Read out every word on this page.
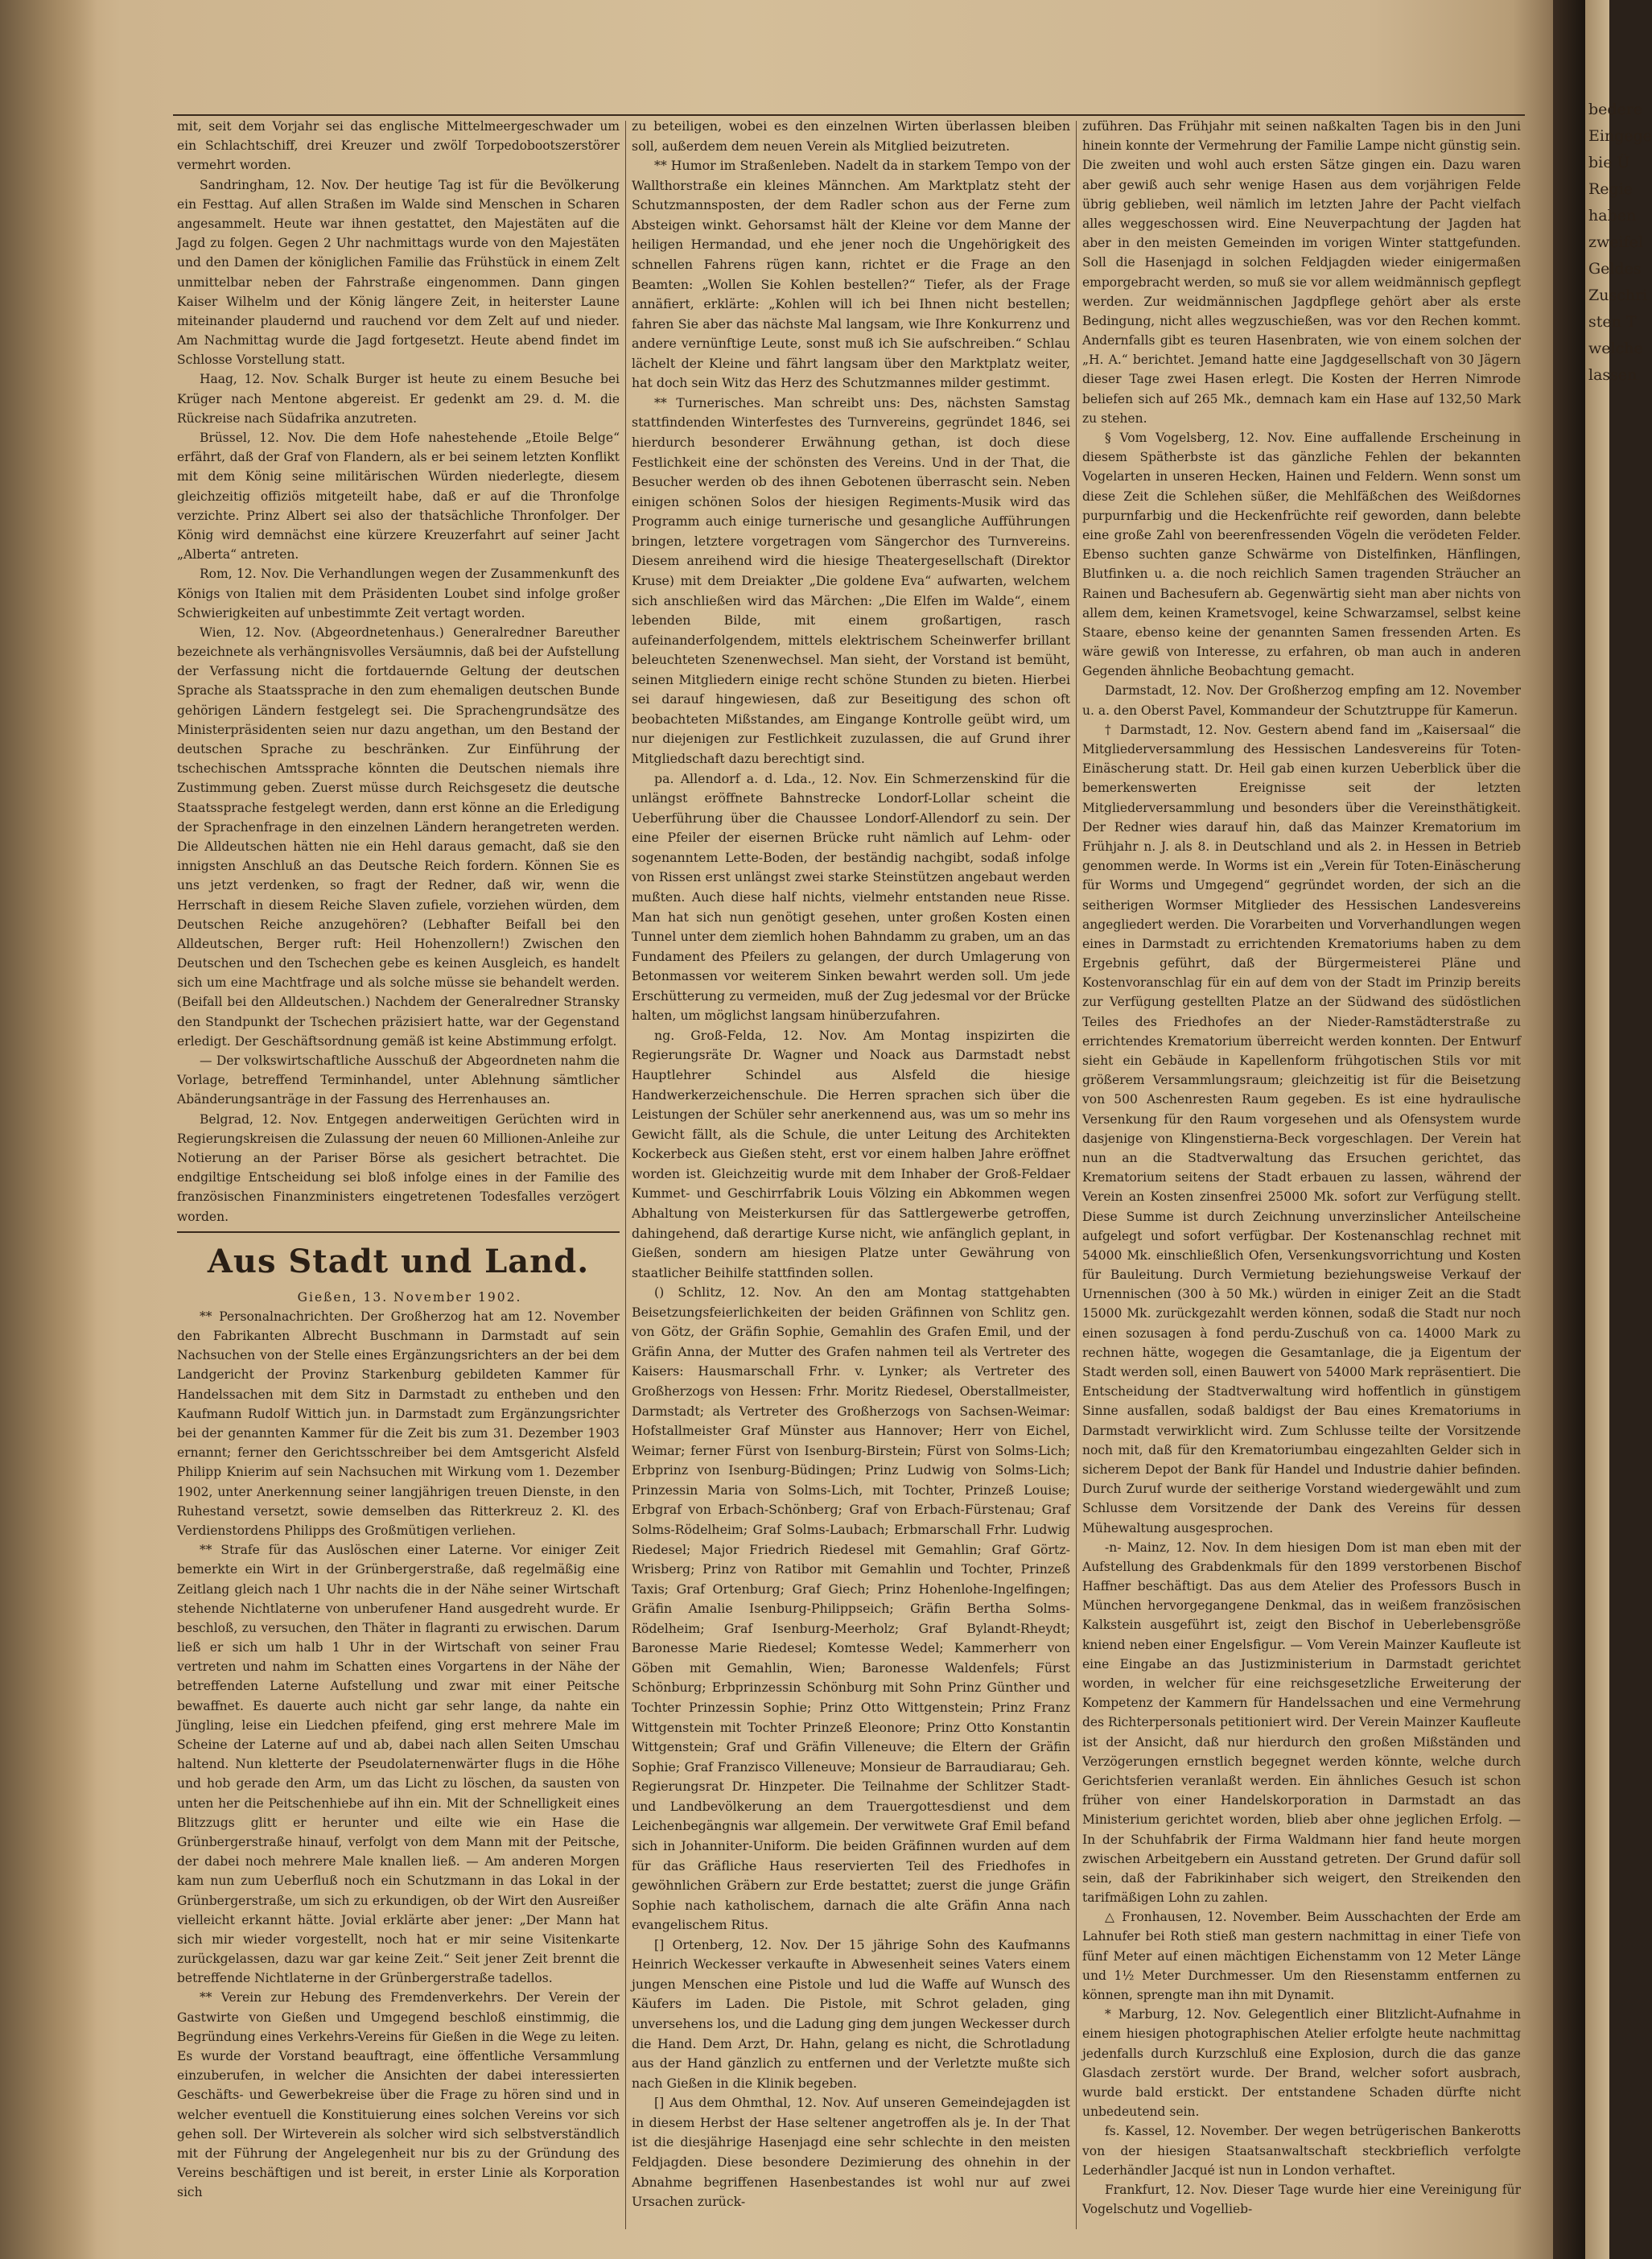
mit, seit dem Vorjahr sei das englische Mittelmeergeschwader um ein Schlachtschiff, drei Kreuzer und zwölf Torpedobootszerstörer vermehrt worden.

Sandringham, 12. Nov. Der heutige Tag ist für die Bevölkerung ein Festtag. Auf allen Straßen im Walde sind Menschen in Scharen angesammelt. Heute war ihnen gestattet, den Majestäten auf die Jagd zu folgen. Gegen 2 Uhr nachmittags wurde von den Majestäten und den Damen der königlichen Familie das Frühstück in einem Zelt unmittelbar neben der Fahrstraße eingenommen. Dann gingen Kaiser Wilhelm und der König längere Zeit, in heiterster Laune miteinander plaudernd und rauchend vor dem Zelt auf und nieder. Am Nachmittag wurde die Jagd fortgesetzt. Heute abend findet im Schlosse Vorstellung statt.

Haag, 12. Nov. Schalk Burger ist heute zu einem Besuche bei Krüger nach Mentone abgereist. Er gedenkt am 29. d. M. die Rückreise nach Südafrika anzutreten.

Brüssel, 12. Nov. Die dem Hofe nahestehende „Etoile Belge“ erfährt, daß der Graf von Flandern, als er bei seinem letzten Konflikt mit dem König seine militärischen Würden niederlegte, diesem gleichzeitig offiziös mitgeteilt habe, daß er auf die Thronfolge verzichte. Prinz Albert sei also der thatsächliche Thronfolger. Der König wird demnächst eine kürzere Kreuzerfahrt auf seiner Jacht „Alberta“ antreten.

Rom, 12. Nov. Die Verhandlungen wegen der Zusammenkunft des Königs von Italien mit dem Präsidenten Loubet sind infolge großer Schwierigkeiten auf unbestimmte Zeit vertagt worden.

Wien, 12. Nov. (Abgeordnetenhaus.) Generalredner Bareuther bezeichnete als verhängnisvolles Versäumnis, daß bei der Aufstellung der Verfassung nicht die fortdauernde Geltung der deutschen Sprache als Staatssprache in den zum ehemaligen deutschen Bunde gehörigen Ländern festgelegt sei. Die Sprachengrundsätze des Ministerpräsidenten seien nur dazu angethan, um den Bestand der deutschen Sprache zu beschränken. Zur Einführung der tschechischen Amtssprache könnten die Deutschen niemals ihre Zustimmung geben. Zuerst müsse durch Reichsgesetz die deutsche Staatssprache festgelegt werden, dann erst könne an die Erledigung der Sprachenfrage in den einzelnen Ländern herangetreten werden. Die Alldeutschen hätten nie ein Hehl daraus gemacht, daß sie den innigsten Anschluß an das Deutsche Reich fordern. Können Sie es uns jetzt verdenken, so fragt der Redner, daß wir, wenn die Herrschaft in diesem Reiche Slaven zufiele, vorziehen würden, dem Deutschen Reiche anzugehören? (Lebhafter Beifall bei den Alldeutschen, Berger ruft: Heil Hohenzollern!) Zwischen den Deutschen und den Tschechen gebe es keinen Ausgleich, es handelt sich um eine Machtfrage und als solche müsse sie behandelt werden. (Beifall bei den Alldeutschen.) Nachdem der Generalredner Stransky den Standpunkt der Tschechen präzisiert hatte, war der Gegenstand erledigt. Der Geschäftsordnung gemäß ist keine Abstimmung erfolgt.

— Der volkswirtschaftliche Ausschuß der Abgeordneten nahm die Vorlage, betreffend Terminhandel, unter Ablehnung sämtlicher Abänderungsanträge in der Fassung des Herrenhauses an.

Belgrad, 12. Nov. Entgegen anderweitigen Gerüchten wird in Regierungskreisen die Zulassung der neuen 60 Millionen-Anleihe zur Notierung an der Pariser Börse als gesichert betrachtet. Die endgiltige Entscheidung sei bloß infolge eines in der Familie des französischen Finanzministers eingetretenen Todesfalles verzögert worden.

Aus Stadt und Land.

Gießen, 13. November 1902.

** Personalnachrichten. Der Großherzog hat am 12. November den Fabrikanten Albrecht Buschmann in Darmstadt auf sein Nachsuchen von der Stelle eines Ergänzungsrichters an der bei dem Landgericht der Provinz Starkenburg gebildeten Kammer für Handelssachen mit dem Sitz in Darmstadt zu entheben und den Kaufmann Rudolf Wittich jun. in Darmstadt zum Ergänzungsrichter bei der genannten Kammer für die Zeit bis zum 31. Dezember 1903 ernannt; ferner den Gerichtsschreiber bei dem Amtsgericht Alsfeld Philipp Knierim auf sein Nachsuchen mit Wirkung vom 1. Dezember 1902, unter Anerkennung seiner langjährigen treuen Dienste, in den Ruhestand versetzt, sowie demselben das Ritterkreuz 2. Kl. des Verdienstordens Philipps des Großmütigen verliehen.

** Strafe für das Auslöschen einer Laterne. Vor einiger Zeit bemerkte ein Wirt in der Grünbergerstraße, daß regelmäßig eine Zeitlang gleich nach 1 Uhr nachts die in der Nähe seiner Wirtschaft stehende Nichtlaterne von unberufener Hand ausgedreht wurde. Er beschloß, zu versuchen, den Thäter in flagranti zu erwischen. Darum ließ er sich um halb 1 Uhr in der Wirtschaft von seiner Frau vertreten und nahm im Schatten eines Vorgartens in der Nähe der betreffenden Laterne Aufstellung und zwar mit einer Peitsche bewaffnet. Es dauerte auch nicht gar sehr lange, da nahte ein Jüngling, leise ein Liedchen pfeifend, ging erst mehrere Male im Scheine der Laterne auf und ab, dabei nach allen Seiten Umschau haltend. Nun kletterte der Pseudolaternenwärter flugs in die Höhe und hob gerade den Arm, um das Licht zu löschen, da sausten von unten her die Peitschenhiebe auf ihn ein. Mit der Schnelligkeit eines Blitzzugs glitt er herunter und eilte wie ein Hase die Grünbergerstraße hinauf, verfolgt von dem Mann mit der Peitsche, der dabei noch mehrere Male knallen ließ. — Am anderen Morgen kam nun zum Ueberfluß noch ein Schutzmann in das Lokal in der Grünbergerstraße, um sich zu erkundigen, ob der Wirt den Ausreißer vielleicht erkannt hätte. Jovial erklärte aber jener: „Der Mann hat sich mir wieder vorgestellt, noch hat er mir seine Visitenkarte zurückgelassen, dazu war gar keine Zeit.“ Seit jener Zeit brennt die betreffende Nichtlaterne in der Grünbergerstraße tadellos.

** Verein zur Hebung des Fremdenverkehrs. Der Verein der Gastwirte von Gießen und Umgegend beschloß einstimmig, die Begründung eines Verkehrs-Vereins für Gießen in die Wege zu leiten. Es wurde der Vorstand beauftragt, eine öffentliche Versammlung einzuberufen, in welcher die Ansichten der dabei interessierten Geschäfts- und Gewerbekreise über die Frage zu hören sind und in welcher eventuell die Konstituierung eines solchen Vereins vor sich gehen soll. Der Wirteverein als solcher wird sich selbstverständlich mit der Führung der Angelegenheit nur bis zu der Gründung des Vereins beschäftigen und ist bereit, in erster Linie als Korporation sich

zu beteiligen, wobei es den einzelnen Wirten überlassen bleiben soll, außerdem dem neuen Verein als Mitglied beizutreten.

** Humor im Straßenleben. Nadelt da in starkem Tempo von der Wallthorstraße ein kleines Männchen. Am Marktplatz steht der Schutzmannsposten, der dem Radler schon aus der Ferne zum Absteigen winkt. Gehorsamst hält der Kleine vor dem Manne der heiligen Hermandad, und ehe jener noch die Ungehörigkeit des schnellen Fahrens rügen kann, richtet er die Frage an den Beamten: „Wollen Sie Kohlen bestellen?“ Tiefer, als der Frage annäfiert, erklärte: „Kohlen will ich bei Ihnen nicht bestellen; fahren Sie aber das nächste Mal langsam, wie Ihre Konkurrenz und andere vernünftige Leute, sonst muß ich Sie aufschreiben.“ Schlau lächelt der Kleine und fährt langsam über den Marktplatz weiter, hat doch sein Witz das Herz des Schutzmannes milder gestimmt.

** Turnerisches. Man schreibt uns: Des, nächsten Samstag stattfindenden Winterfestes des Turnvereins, gegründet 1846, sei hierdurch besonderer Erwähnung gethan, ist doch diese Festlichkeit eine der schönsten des Vereins. Und in der That, die Besucher werden ob des ihnen Gebotenen überrascht sein. Neben einigen schönen Solos der hiesigen Regiments-Musik wird das Programm auch einige turnerische und gesangliche Aufführungen bringen, letztere vorgetragen vom Sängerchor des Turnvereins. Diesem anreihend wird die hiesige Theatergesellschaft (Direktor Kruse) mit dem Dreiakter „Die goldene Eva“ aufwarten, welchem sich anschließen wird das Märchen: „Die Elfen im Walde“, einem lebenden Bilde, mit einem großartigen, rasch aufeinanderfolgendem, mittels elektrischem Scheinwerfer brillant beleuchteten Szenenwechsel. Man sieht, der Vorstand ist bemüht, seinen Mitgliedern einige recht schöne Stunden zu bieten. Hierbei sei darauf hingewiesen, daß zur Beseitigung des schon oft beobachteten Mißstandes, am Eingange Kontrolle geübt wird, um nur diejenigen zur Festlichkeit zuzulassen, die auf Grund ihrer Mitgliedschaft dazu berechtigt sind.

pa. Allendorf a. d. Lda., 12. Nov. Ein Schmerzenskind für die unlängst eröffnete Bahnstrecke Londorf-Lollar scheint die Ueberführung über die Chaussee Londorf-Allendorf zu sein. Der eine Pfeiler der eisernen Brücke ruht nämlich auf Lehm- oder sogenanntem Lette-Boden, der beständig nachgibt, sodaß infolge von Rissen erst unlängst zwei starke Steinstützen angebaut werden mußten. Auch diese half nichts, vielmehr entstanden neue Risse. Man hat sich nun genötigt gesehen, unter großen Kosten einen Tunnel unter dem ziemlich hohen Bahndamm zu graben, um an das Fundament des Pfeilers zu gelangen, der durch Umlagerung von Betonmassen vor weiterem Sinken bewahrt werden soll. Um jede Erschütterung zu vermeiden, muß der Zug jedesmal vor der Brücke halten, um möglichst langsam hinüberzufahren.

ng. Groß-Felda, 12. Nov. Am Montag inspizirten die Regierungsräte Dr. Wagner und Noack aus Darmstadt nebst Hauptlehrer Schindel aus Alsfeld die hiesige Handwerkerzeichenschule. Die Herren sprachen sich über die Leistungen der Schüler sehr anerkennend aus, was um so mehr ins Gewicht fällt, als die Schule, die unter Leitung des Architekten Kockerbeck aus Gießen steht, erst vor einem halben Jahre eröffnet worden ist. Gleichzeitig wurde mit dem Inhaber der Groß-Feldaer Kummet- und Geschirrfabrik Louis Völzing ein Abkommen wegen Abhaltung von Meisterkursen für das Sattlergewerbe getroffen, dahingehend, daß derartige Kurse nicht, wie anfänglich geplant, in Gießen, sondern am hiesigen Platze unter Gewährung von staatlicher Beihilfe stattfinden sollen.

() Schlitz, 12. Nov. An den am Montag stattgehabten Beisetzungsfeierlichkeiten der beiden Gräfinnen von Schlitz gen. von Götz, der Gräfin Sophie, Gemahlin des Grafen Emil, und der Gräfin Anna, der Mutter des Grafen nahmen teil als Vertreter des Kaisers: Hausmarschall Frhr. v. Lynker; als Vertreter des Großherzogs von Hessen: Frhr. Moritz Riedesel, Oberstallmeister, Darmstadt; als Vertreter des Großherzogs von Sachsen-Weimar: Hofstallmeister Graf Münster aus Hannover; Herr von Eichel, Weimar; ferner Fürst von Isenburg-Birstein; Fürst von Solms-Lich; Erbprinz von Isenburg-Büdingen; Prinz Ludwig von Solms-Lich; Prinzessin Maria von Solms-Lich, mit Tochter, Prinzeß Louise; Erbgraf von Erbach-Schönberg; Graf von Erbach-Fürstenau; Graf Solms-Rödelheim; Graf Solms-Laubach; Erbmarschall Frhr. Ludwig Riedesel; Major Friedrich Riedesel mit Gemahlin; Graf Görtz-Wrisberg; Prinz von Ratibor mit Gemahlin und Tochter, Prinzeß Taxis; Graf Ortenburg; Graf Giech; Prinz Hohenlohe-Ingelfingen; Gräfin Amalie Isenburg-Philippseich; Gräfin Bertha Solms-Rödelheim; Graf Isenburg-Meerholz; Graf Bylandt-Rheydt; Baronesse Marie Riedesel; Komtesse Wedel; Kammerherr von Göben mit Gemahlin, Wien; Baronesse Waldenfels; Fürst Schönburg; Erbprinzessin Schönburg mit Sohn Prinz Günther und Tochter Prinzessin Sophie; Prinz Otto Wittgenstein; Prinz Franz Wittgenstein mit Tochter Prinzeß Eleonore; Prinz Otto Konstantin Wittgenstein; Graf und Gräfin Villeneuve; die Eltern der Gräfin Sophie; Graf Franzisco Villeneuve; Monsieur de Barraudiarau; Geh. Regierungsrat Dr. Hinzpeter. Die Teilnahme der Schlitzer Stadt- und Landbevölkerung an dem Trauergottesdienst und dem Leichenbegängnis war allgemein. Der verwitwete Graf Emil befand sich in Johanniter-Uniform. Die beiden Gräfinnen wurden auf dem für das Gräfliche Haus reservierten Teil des Friedhofes in gewöhnlichen Gräbern zur Erde bestattet; zuerst die junge Gräfin Sophie nach katholischem, darnach die alte Gräfin Anna nach evangelischem Ritus.

[] Ortenberg, 12. Nov. Der 15 jährige Sohn des Kaufmanns Heinrich Weckesser verkaufte in Abwesenheit seines Vaters einem jungen Menschen eine Pistole und lud die Waffe auf Wunsch des Käufers im Laden. Die Pistole, mit Schrot geladen, ging unversehens los, und die Ladung ging dem jungen Weckesser durch die Hand. Dem Arzt, Dr. Hahn, gelang es nicht, die Schrotladung aus der Hand gänzlich zu entfernen und der Verletzte mußte sich nach Gießen in die Klinik begeben.

[] Aus dem Ohmthal, 12. Nov. Auf unseren Gemeindejagden ist in diesem Herbst der Hase seltener angetroffen als je. In der That ist die diesjährige Hasenjagd eine sehr schlechte in den meisten Feldjagden. Diese besondere Dezimierung des ohnehin in der Abnahme begriffenen Hasenbestandes ist wohl nur auf zwei Ursachen zurück-

zuführen. Das Frühjahr mit seinen naßkalten Tagen bis in den Juni hinein konnte der Vermehrung der Familie Lampe nicht günstig sein. Die zweiten und wohl auch ersten Sätze gingen ein. Dazu waren aber gewiß auch sehr wenige Hasen aus dem vorjährigen Felde übrig geblieben, weil nämlich im letzten Jahre der Pacht vielfach alles weggeschossen wird. Eine Neuverpachtung der Jagden hat aber in den meisten Gemeinden im vorigen Winter stattgefunden. Soll die Hasenjagd in solchen Feldjagden wieder einigermaßen emporgebracht werden, so muß sie vor allem weidmännisch gepflegt werden. Zur weidmännischen Jagdpflege gehört aber als erste Bedingung, nicht alles wegzuschießen, was vor den Rechen kommt. Andernfalls gibt es teuren Hasenbraten, wie von einem solchen der „H. A.“ berichtet. Jemand hatte eine Jagdgesellschaft von 30 Jägern dieser Tage zwei Hasen erlegt. Die Kosten der Herren Nimrode beliefen sich auf 265 Mk., demnach kam ein Hase auf 132,50 Mark zu stehen.

§ Vom Vogelsberg, 12. Nov. Eine auffallende Erscheinung in diesem Spätherbste ist das gänzliche Fehlen der bekannten Vogelarten in unseren Hecken, Hainen und Feldern. Wenn sonst um diese Zeit die Schlehen süßer, die Mehlfäßchen des Weißdornes purpurnfarbig und die Heckenfrüchte reif geworden, dann belebte eine große Zahl von beerenfressenden Vögeln die verödeten Felder. Ebenso suchten ganze Schwärme von Distelfinken, Hänflingen, Blutfinken u. a. die noch reichlich Samen tragenden Sträucher an Rainen und Bachesufern ab. Gegenwärtig sieht man aber nichts von allem dem, keinen Krametsvogel, keine Schwarzamsel, selbst keine Staare, ebenso keine der genannten Samen fressenden Arten. Es wäre gewiß von Interesse, zu erfahren, ob man auch in anderen Gegenden ähnliche Beobachtung gemacht.

Darmstadt, 12. Nov. Der Großherzog empfing am 12. November u. a. den Oberst Pavel, Kommandeur der Schutztruppe für Kamerun.

† Darmstadt, 12. Nov. Gestern abend fand im „Kaisersaal“ die Mitgliederversammlung des Hessischen Landesvereins für Toten-Einäscherung statt. Dr. Heil gab einen kurzen Ueberblick über die bemerkenswerten Ereignisse seit der letzten Mitgliederversammlung und besonders über die Vereinsthätigkeit. Der Redner wies darauf hin, daß das Mainzer Krematorium im Frühjahr n. J. als 8. in Deutschland und als 2. in Hessen in Betrieb genommen werde. In Worms ist ein „Verein für Toten-Einäscherung für Worms und Umgegend“ gegründet worden, der sich an die seitherigen Wormser Mitglieder des Hessischen Landesvereins angegliedert werden. Die Vorarbeiten und Vorverhandlungen wegen eines in Darmstadt zu errichtenden Krematoriums haben zu dem Ergebnis geführt, daß der Bürgermeisterei Pläne und Kostenvoranschlag für ein auf dem von der Stadt im Prinzip bereits zur Verfügung gestellten Platze an der Südwand des südöstlichen Teiles des Friedhofes an der Nieder-Ramstädterstraße zu errichtendes Krematorium überreicht werden konnten. Der Entwurf sieht ein Gebäude in Kapellenform frühgotischen Stils vor mit größerem Versammlungsraum; gleichzeitig ist für die Beisetzung von 500 Aschenresten Raum gegeben. Es ist eine hydraulische Versenkung für den Raum vorgesehen und als Ofensystem wurde dasjenige von Klingenstierna-Beck vorgeschlagen. Der Verein hat nun an die Stadtverwaltung das Ersuchen gerichtet, das Krematorium seitens der Stadt erbauen zu lassen, während der Verein an Kosten zinsenfrei 25000 Mk. sofort zur Verfügung stellt. Diese Summe ist durch Zeichnung unverzinslicher Anteilscheine aufgelegt und sofort verfügbar. Der Kostenanschlag rechnet mit 54000 Mk. einschließlich Ofen, Versenkungsvorrichtung und Kosten für Bauleitung. Durch Vermietung beziehungsweise Verkauf der Urnennischen (300 à 50 Mk.) würden in einiger Zeit an die Stadt 15000 Mk. zurückgezahlt werden können, sodaß die Stadt nur noch einen sozusagen à fond perdu-Zuschuß von ca. 14000 Mark zu rechnen hätte, wogegen die Gesamtanlage, die ja Eigentum der Stadt werden soll, einen Bauwert von 54000 Mark repräsentiert. Die Entscheidung der Stadtverwaltung wird hoffentlich in günstigem Sinne ausfallen, sodaß baldigst der Bau eines Krematoriums in Darmstadt verwirklicht wird. Zum Schlusse teilte der Vorsitzende noch mit, daß für den Krematoriumbau eingezahlten Gelder sich in sicherem Depot der Bank für Handel und Industrie dahier befinden. Durch Zuruf wurde der seitherige Vorstand wiedergewählt und zum Schlusse dem Vorsitzende der Dank des Vereins für dessen Mühewaltung ausgesprochen.

-n- Mainz, 12. Nov. In dem hiesigen Dom ist man eben mit der Aufstellung des Grabdenkmals für den 1899 verstorbenen Bischof Haffner beschäftigt. Das aus dem Atelier des Professors Busch in München hervorgegangene Denkmal, das in weißem französischen Kalkstein ausgeführt ist, zeigt den Bischof in Ueberlebensgröße kniend neben einer Engelsfigur. — Vom Verein Mainzer Kaufleute ist eine Eingabe an das Justizministerium in Darmstadt gerichtet worden, in welcher für eine reichsgesetzliche Erweiterung der Kompetenz der Kammern für Handelssachen und eine Vermehrung des Richterpersonals petitioniert wird. Der Verein Mainzer Kaufleute ist der Ansicht, daß nur hierdurch den großen Mißständen und Verzögerungen ernstlich begegnet werden könnte, welche durch Gerichtsferien veranlaßt werden. Ein ähnliches Gesuch ist schon früher von einer Handelskorporation in Darmstadt an das Ministerium gerichtet worden, blieb aber ohne jeglichen Erfolg. — In der Schuhfabrik der Firma Waldmann hier fand heute morgen zwischen Arbeitgebern ein Ausstand getreten. Der Grund dafür soll sein, daß der Fabrikinhaber sich weigert, den Streikenden den tarifmäßigen Lohn zu zahlen.

△ Fronhausen, 12. November. Beim Ausschachten der Erde am Lahnufer bei Roth stieß man gestern nachmittag in einer Tiefe von fünf Meter auf einen mächtigen Eichenstamm von 12 Meter Länge und 1½ Meter Durchmesser. Um den Riesenstamm entfernen zu können, sprengte man ihn mit Dynamit.

* Marburg, 12. Nov. Gelegentlich einer Blitzlicht-Aufnahme in einem hiesigen photographischen Atelier erfolgte heute nachmittag jedenfalls durch Kurzschluß eine Explosion, durch die das ganze Glasdach zerstört wurde. Der Brand, welcher sofort ausbrach, wurde bald erstickt. Der entstandene Schaden dürfte nicht unbedeutend sein.

fs. Kassel, 12. November. Der wegen betrügerischen Bankerotts von der hiesigen Staatsanwaltschaft steckbrieflich verfolgte Lederhändler Jacqué ist nun in London verhaftet.

Frankfurt, 12. Nov. Dieser Tage wurde hier eine Vereinigung für Vogelschutz und Vogellieb-

bedere
Eingege
bie Ü
Regie
haben
zweifel
Geldes
Zuschri
sten T
welche
lassen
